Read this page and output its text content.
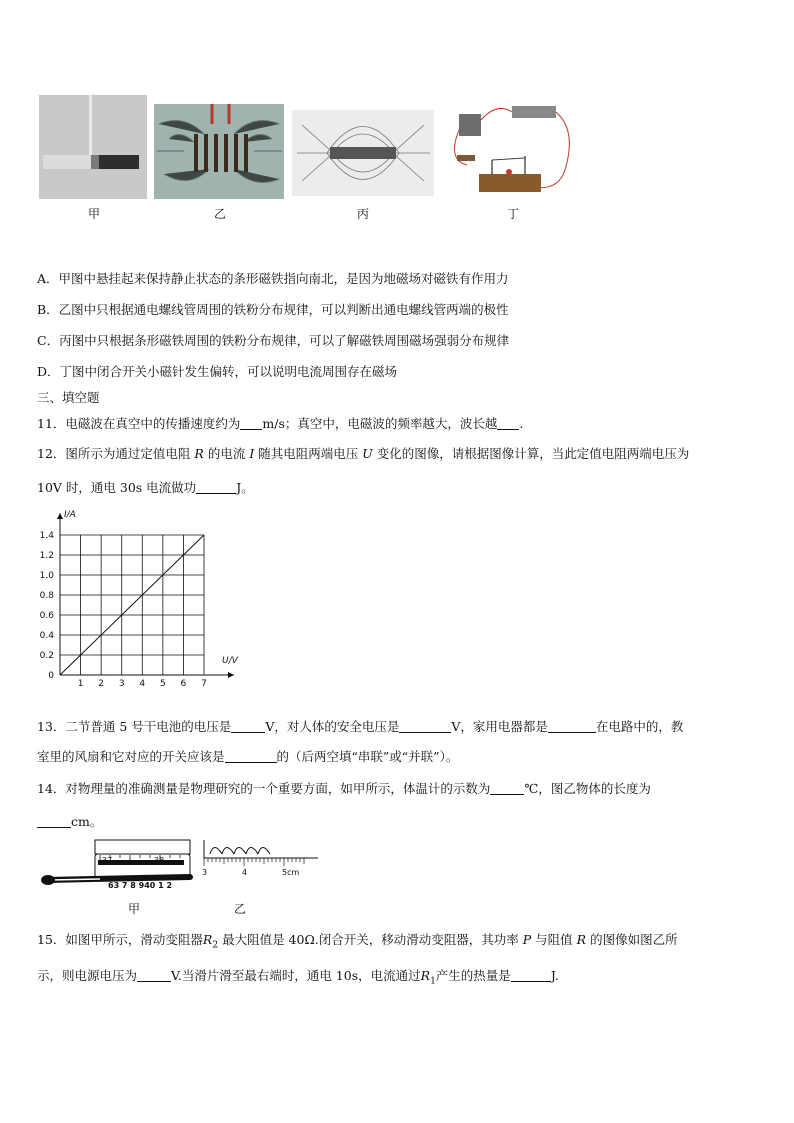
甲	乙	丙	丁
A．甲图中悬挂起来保持静止状态的条形磁铁指向南北，是因为地磁场对磁铁有作用力
B．乙图中只根据通电螺线管周围的铁粉分布规律，可以判断出通电螺线管两端的极性
C．丙图中只根据条形磁铁周围的铁粉分布规律，可以了解磁铁周围磁场强弱分布规律
D．丁图中闭合开关小磁针发生偏转，可以说明电流周围存在磁场
三、填空题
11．电磁波在真空中的传播速度约为 m/s；真空中，电磁波的频率越大，波长越 .
12．图所示为通过定值电阻 R 的电流 I 随其电阻两端电压 U 变化的图像，请根据图像计算，当此定值电阻两端电压为
10V 时，通电 30s 电流做功	J。
1 2 3 4 5 6 7
0
0.2
0.4
0.6
0.8
1.0
1.2
1.4
U/V
I/A
13．二节普通 5 号干电池的电压是	V，对人体的安全电压是	V，家用电器都是	在电路中的，教
室里的风扇和它对应的开关应该是	的（后两空填“串联”或“并联”）。
14．对物理量的准确测量是物理研究的一个重要方面，如甲所示，体温计的示数为	℃，图乙物体的长度为
cm。
37	38
63 7 8 940 1 2
甲
3	4	5cm
乙
15．如图甲所示，滑动变阻器$R_2$ 最大阻值是 40Ω.闭合开关，移动滑动变阻器，其功率 P 与阻值 R 的图像如图乙所
示，则电源电压为	V.当滑片滑至最右端时，通电 10s，电流通过$R_1$产生的热量是	J.
